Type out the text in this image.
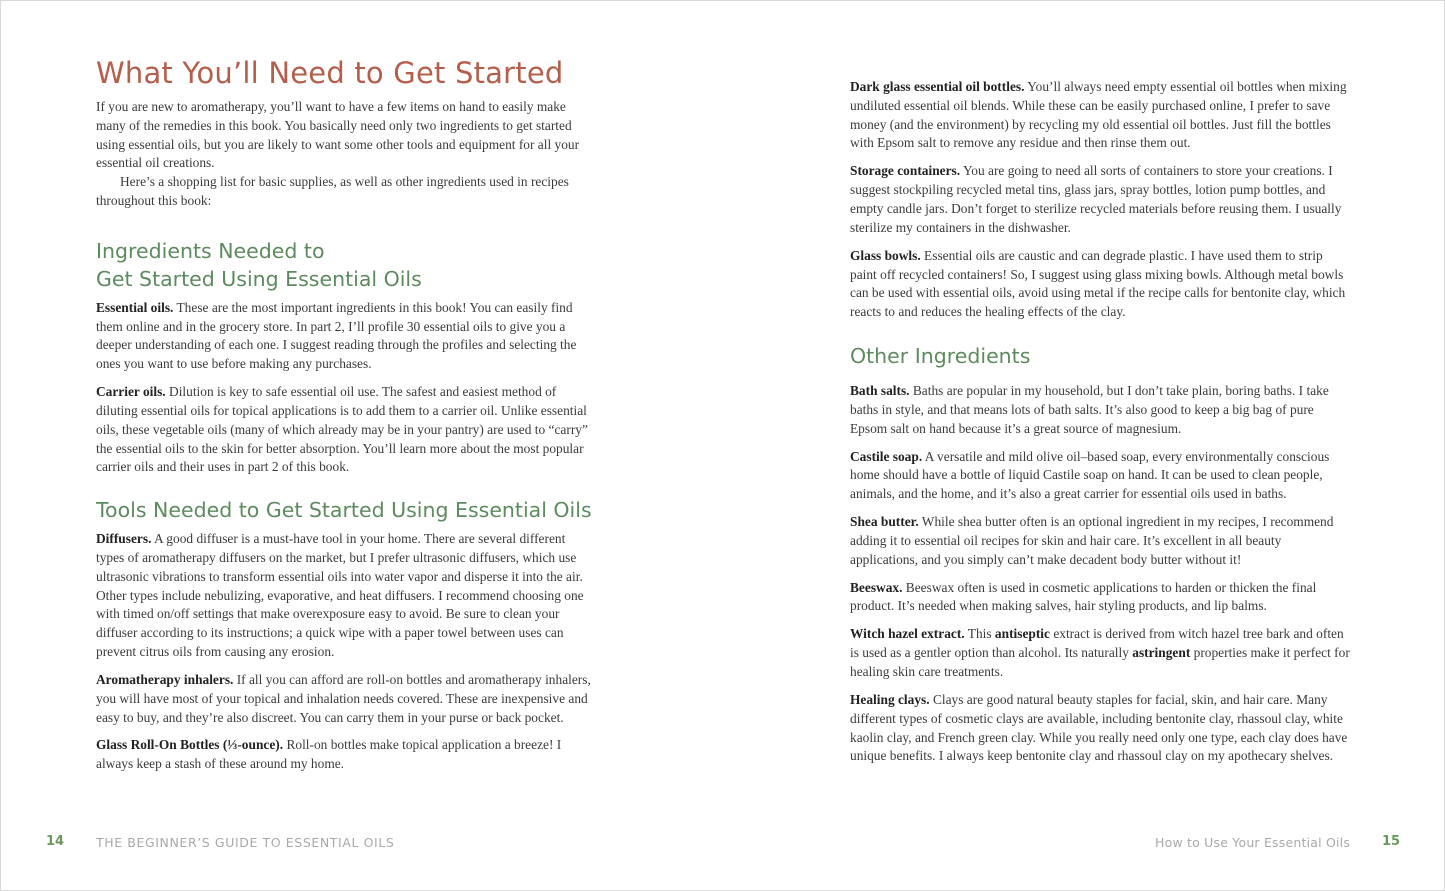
What You’ll Need to Get Started

If you are new to aromatherapy, you’ll want to have a few items on hand to easily make many of the remedies in this book. You basically need only two ingredients to get started using essential oils, but you are likely to want some other tools and equipment for all your essential oil creations.

Here’s a shopping list for basic supplies, as well as other ingredients used in recipes throughout this book:

Ingredients Needed to
Get Started Using Essential Oils

Essential oils. These are the most important ingredients in this book! You can easily find them online and in the grocery store. In part 2, I’ll profile 30 essential oils to give you a deeper understanding of each one. I suggest reading through the profiles and selecting the ones you want to use before making any purchases.

Carrier oils. Dilution is key to safe essential oil use. The safest and easiest method of diluting essential oils for topical applications is to add them to a carrier oil. Unlike essential oils, these vegetable oils (many of which already may be in your pantry) are used to “carry” the essential oils to the skin for better absorption. You’ll learn more about the most popular carrier oils and their uses in part 2 of this book.

Tools Needed to Get Started Using Essential Oils

Diffusers. A good diffuser is a must-have tool in your home. There are several different types of aromatherapy diffusers on the market, but I prefer ultrasonic diffusers, which use ultrasonic vibrations to transform essential oils into water vapor and disperse it into the air. Other types include nebulizing, evaporative, and heat diffusers. I recommend choosing one with timed on/off settings that make overexposure easy to avoid. Be sure to clean your diffuser according to its instructions; a quick wipe with a paper towel between uses can prevent citrus oils from causing any erosion.

Aromatherapy inhalers. If all you can afford are roll-on bottles and aromatherapy inhalers, you will have most of your topical and inhalation needs covered. These are inexpensive and easy to buy, and they’re also discreet. You can carry them in your purse or back pocket.

Glass Roll-On Bottles (⅓-ounce). Roll-on bottles make topical application a breeze! I always keep a stash of these around my home.

Dark glass essential oil bottles. You’ll always need empty essential oil bottles when mixing undiluted essential oil blends. While these can be easily purchased online, I prefer to save money (and the environment) by recycling my old essential oil bottles. Just fill the bottles with Epsom salt to remove any residue and then rinse them out.

Storage containers. You are going to need all sorts of containers to store your creations. I suggest stockpiling recycled metal tins, glass jars, spray bottles, lotion pump bottles, and empty candle jars. Don’t forget to sterilize recycled materials before reusing them. I usually sterilize my containers in the dishwasher.

Glass bowls. Essential oils are caustic and can degrade plastic. I have used them to strip paint off recycled containers! So, I suggest using glass mixing bowls. Although metal bowls can be used with essential oils, avoid using metal if the recipe calls for bentonite clay, which reacts to and reduces the healing effects of the clay.

Other Ingredients

Bath salts. Baths are popular in my household, but I don’t take plain, boring baths. I take baths in style, and that means lots of bath salts. It’s also good to keep a big bag of pure Epsom salt on hand because it’s a great source of magnesium.

Castile soap. A versatile and mild olive oil–based soap, every environmentally conscious home should have a bottle of liquid Castile soap on hand. It can be used to clean people, animals, and the home, and it’s also a great carrier for essential oils used in baths.

Shea butter. While shea butter often is an optional ingredient in my recipes, I recommend adding it to essential oil recipes for skin and hair care. It’s excellent in all beauty applications, and you simply can’t make decadent body butter without it!

Beeswax. Beeswax often is used in cosmetic applications to harden or thicken the final product. It’s needed when making salves, hair styling products, and lip balms.

Witch hazel extract. This antiseptic extract is derived from witch hazel tree bark and often is used as a gentler option than alcohol. Its naturally astringent properties make it perfect for healing skin care treatments.

Healing clays. Clays are good natural beauty staples for facial, skin, and hair care. Many different types of cosmetic clays are available, including bentonite clay, rhassoul clay, white kaolin clay, and French green clay. While you really need only one type, each clay does have unique benefits. I always keep bentonite clay and rhassoul clay on my apothecary shelves.

14	THE BEGINNER’S GUIDE TO ESSENTIAL OILS	How to Use Your Essential Oils 15
